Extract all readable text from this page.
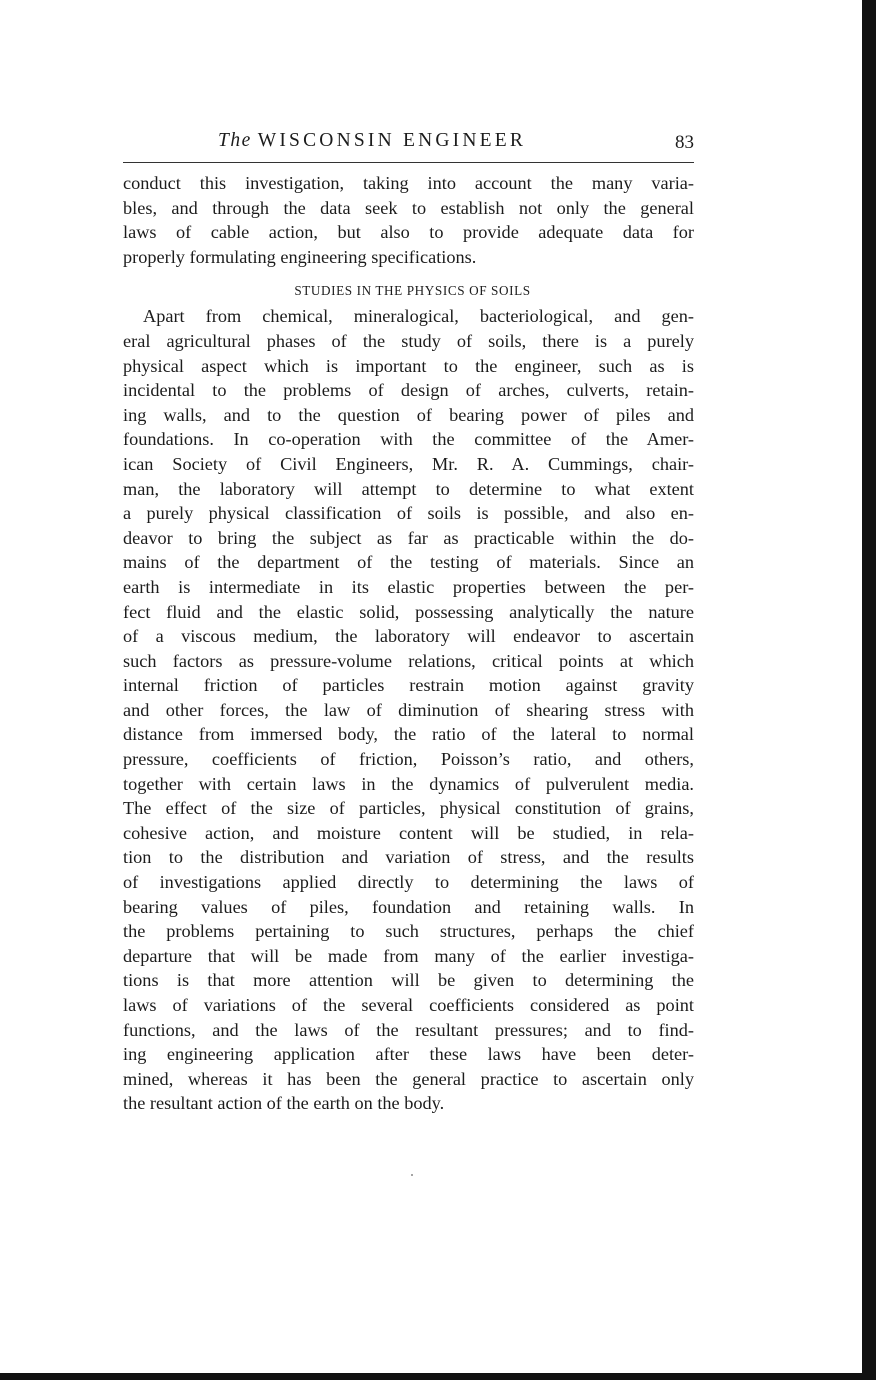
The WISCONSIN ENGINEER	83
conduct this investigation, taking into account the many varia-
bles, and through the data seek to establish not only the general
laws of cable action, but also to provide adequate data for
properly formulating engineering specifications.
STUDIES IN THE PHYSICS OF SOILS
Apart from chemical, mineralogical, bacteriological, and gen-
eral agricultural phases of the study of soils, there is a purely
physical aspect which is important to the engineer, such as is
incidental to the problems of design of arches, culverts, retain-
ing walls, and to the question of bearing power of piles and
foundations. In co-operation with the committee of the Amer-
ican Society of Civil Engineers, Mr. R. A. Cummings, chair-
man, the laboratory will attempt to determine to what extent
a purely physical classification of soils is possible, and also en-
deavor to bring the subject as far as practicable within the do-
mains of the department of the testing of materials. Since an
earth is intermediate in its elastic properties between the per-
fect fluid and the elastic solid, possessing analytically the nature
of a viscous medium, the laboratory will endeavor to ascertain
such factors as pressure-volume relations, critical points at which
internal friction of particles restrain motion against gravity
and other forces, the law of diminution of shearing stress with
distance from immersed body, the ratio of the lateral to normal
pressure, coefficients of friction, Poisson’s ratio, and others,
together with certain laws in the dynamics of pulverulent media.
The effect of the size of particles, physical constitution of grains,
cohesive action, and moisture content will be studied, in rela-
tion to the distribution and variation of stress, and the results
of investigations applied directly to determining the laws of
bearing values of piles, foundation and retaining walls. In
the problems pertaining to such structures, perhaps the chief
departure that will be made from many of the earlier investiga-
tions is that more attention will be given to determining the
laws of variations of the several coefficients considered as point
functions, and the laws of the resultant pressures; and to find-
ing engineering application after these laws have been deter-
mined, whereas it has been the general practice to ascertain only
the resultant action of the earth on the body.
